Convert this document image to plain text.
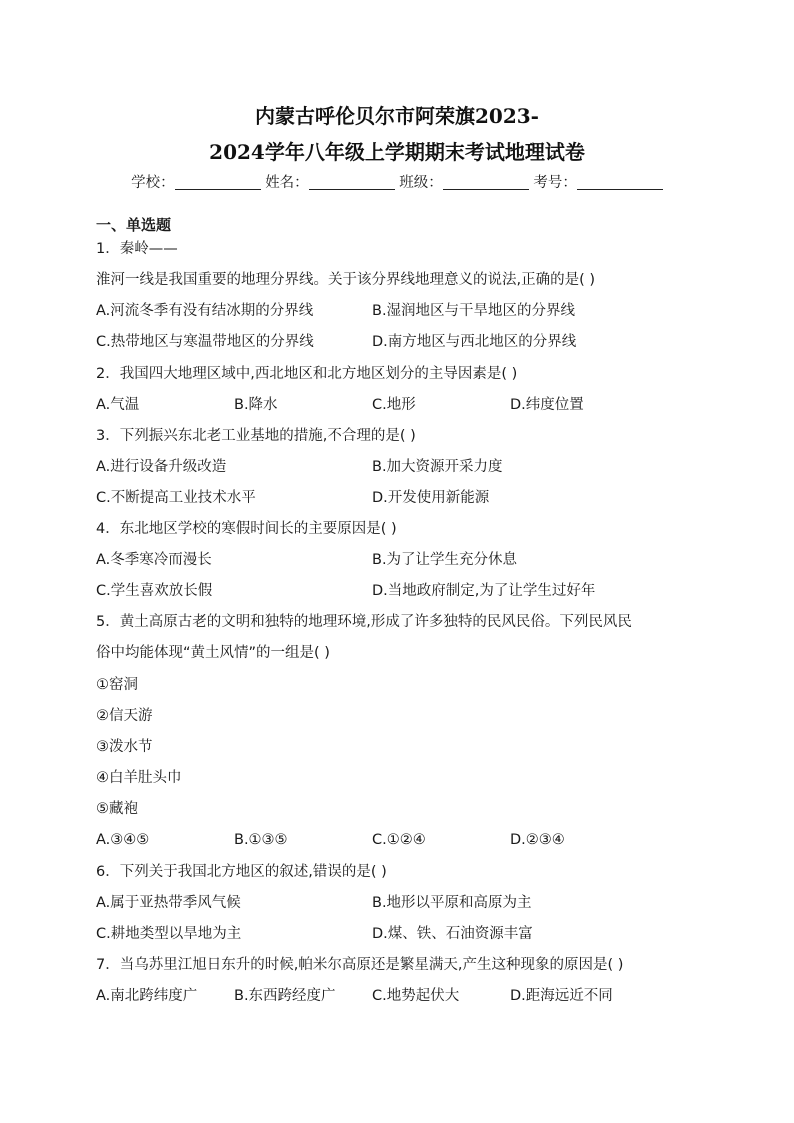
内蒙古呼伦贝尔市阿荣旗2023-
2024学年八年级上学期期末考试地理试卷
学校：	姓名：	班级：	考号：
一、单选题
1．秦岭——
淮河一线是我国重要的地理分界线。关于该分界线地理意义的说法,正确的是( )
A.河流冬季有没有结冰期的分界线	B.湿润地区与干旱地区的分界线
C.热带地区与寒温带地区的分界线	D.南方地区与西北地区的分界线
2．我国四大地理区域中,西北地区和北方地区划分的主导因素是( )
A.气温	B.降水	C.地形	D.纬度位置
3．下列振兴东北老工业基地的措施,不合理的是( )
A.进行设备升级改造	B.加大资源开采力度
C.不断提高工业技术水平	D.开发使用新能源
4．东北地区学校的寒假时间长的主要原因是( )
A.冬季寒冷而漫长	B.为了让学生充分休息
C.学生喜欢放长假	D.当地政府制定,为了让学生过好年
5．黄土高原古老的文明和独特的地理环境,形成了许多独特的民风民俗。下列民风民
俗中均能体现“黄土风情”的一组是( )
①窑洞
②信天游
③泼水节
④白羊肚头巾
⑤藏袍
A.③④⑤	B.①③⑤	C.①②④	D.②③④
6．下列关于我国北方地区的叙述,错误的是( )
A.属于亚热带季风气候	B.地形以平原和高原为主
C.耕地类型以旱地为主	D.煤、铁、石油资源丰富
7．当乌苏里江旭日东升的时候,帕米尔高原还是繁星满天,产生这种现象的原因是( )
A.南北跨纬度广	B.东西跨经度广	C.地势起伏大	D.距海远近不同
